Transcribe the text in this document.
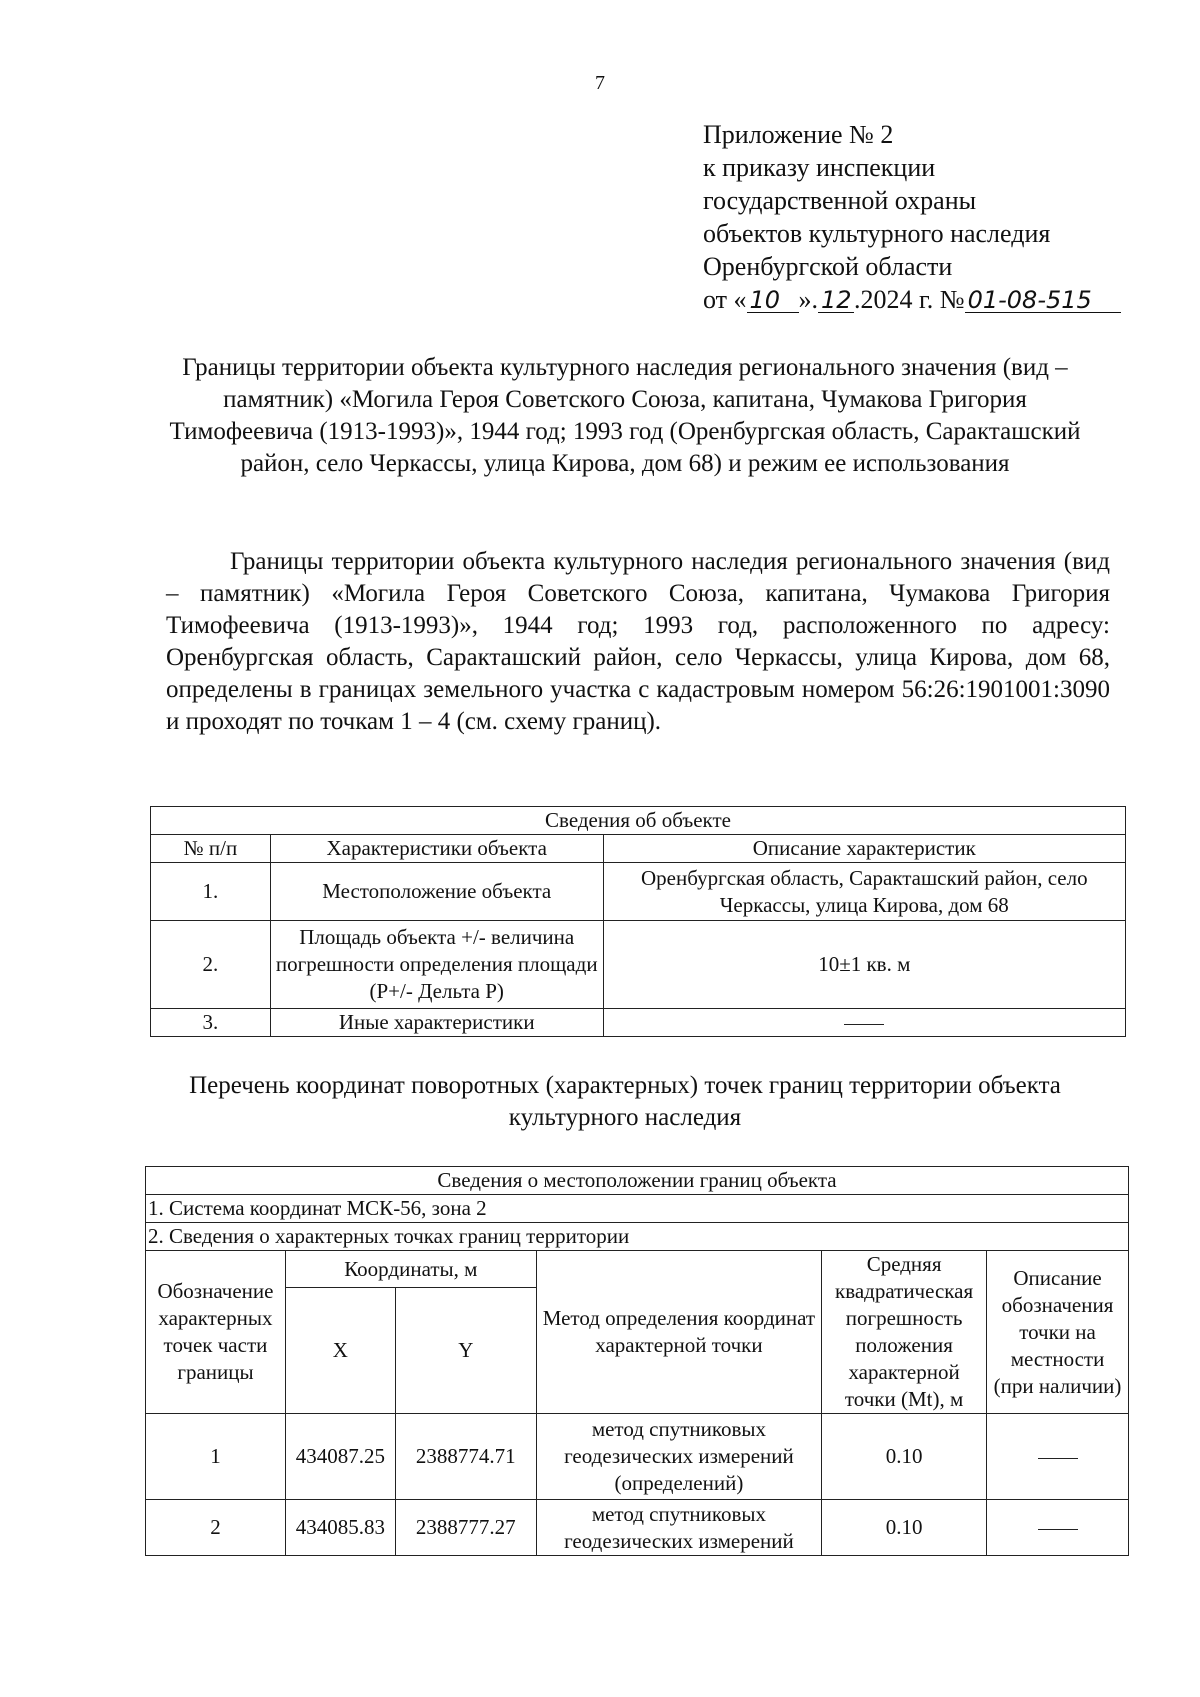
7
Приложение № 2
к приказу инспекции
государственной охраны
объектов культурного наследия
Оренбургской области
от « 10 ». 12.2024 г. № 01-08-515
Границы территории объекта культурного наследия регионального значения (вид – памятник) «Могила Героя Советского Союза, капитана, Чумакова Григория Тимофеевича (1913-1993)», 1944 год; 1993 год (Оренбургская область, Саракташский район, село Черкассы, улица Кирова, дом 68) и режим ее использования

Границы территории объекта культурного наследия регионального значения (вид – памятник) «Могила Героя Советского Союза, капитана, Чумакова Григория Тимофеевича (1913-1993)», 1944 год; 1993 год, расположенного по адресу: Оренбургская область, Саракташский район, село Черкассы, улица Кирова, дом 68, определены в границах земельного участка с кадастровым номером 56:26:1901001:3090 и проходят по точкам 1 – 4 (см. схему границ).

Сведения об объекте		
№ п/п	Характеристики объекта	Описание характеристик
1.	Местоположение объекта	Оренбургская область, Саракташский район, село Черкассы, улица Кирова, дом 68
2.	Площадь объекта +/- величина погрешности определения площади (Р+/- Дельта Р)	10±1 кв. м
3.	Иные характеристики	
Перечень координат поворотных (характерных) точек границ территории объекта культурного наследия
Сведения о местоположении границ объекта					
1. Система координат МСК-56, зона 2					
2. Сведения о характерных точках границ территории					
Обозначение характерных точек части границы	Координаты, м		Метод определения координат характерной точки	Средняя квадратическая погрешность положения характерной точки (Mt), м	Описание обозначения точки на местности (при наличии)
	X	Y			
1	434087.25	2388774.71	метод спутниковых геодезических измерений (определений)	0.10	
2	434085.83	2388777.27	метод спутниковых геодезических измерений	0.10	
